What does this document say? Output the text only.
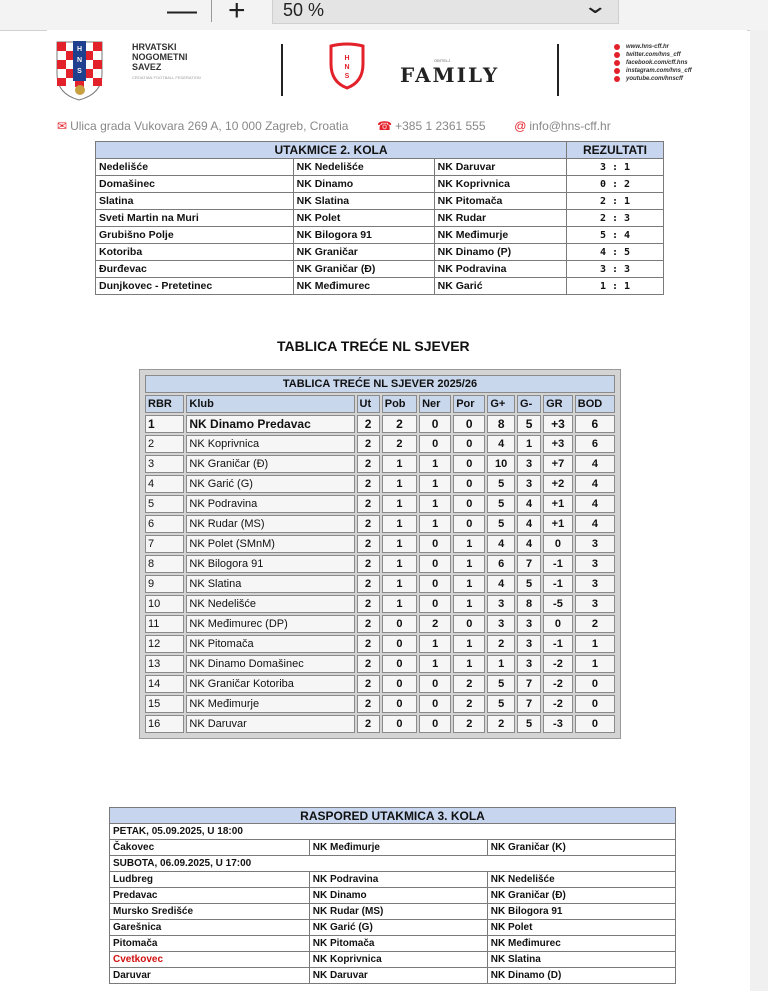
— + 50 %	⌄
H
N
S
HRVATSKI
NOGOMETNI
SAVEZ
CROATIAN FOOTBALL FEDERATION
H
N
S
OBITELJ
FAMILY
www.hns-cff.hr
twitter.com/hns_cff
facebook.com/cff.hns
instagram.com/hns_cff
youtube.com/hnscff
✉ Ulica grada Vukovara 269 A, 10 000 Zagreb, Croatia ☎ +385 1 2361 555 @ info@hns-cff.hr
UTAKMICE 2. KOLA			REZULTATI
Nedelišće	NK Nedelišće	NK Daruvar	3 : 1
Domašinec	NK Dinamo	NK Koprivnica	0 : 2
Slatina	NK Slatina	NK Pitomača	2 : 1
Sveti Martin na Muri	NK Polet	NK Rudar	2 : 3
Grubišno Polje	NK Bilogora 91	NK Međimurje	5 : 4
Kotoriba	NK Graničar	NK Dinamo (P)	4 : 5
Đurđevac	NK Graničar (Đ)	NK Podravina	3 : 3
Dunjkovec - Pretetinec	NK Međimurec	NK Garić	1 : 1
TABLICA TREĆE NL SJEVER
TABLICA TREĆE NL SJEVER 2025/26									
RBR	Klub	Ut	Pob	Ner	Por	G+	G-	GR	BOD
1	NK Dinamo Predavac	2	2	0	0	8	5	+3	6
2	NK Koprivnica	2	2	0	0	4	1	+3	6
3	NK Graničar (Đ)	2	1	1	0	10	3	+7	4
4	NK Garić (G)	2	1	1	0	5	3	+2	4
5	NK Podravina	2	1	1	0	5	4	+1	4
6	NK Rudar (MS)	2	1	1	0	5	4	+1	4
7	NK Polet (SMnM)	2	1	0	1	4	4	0	3
8	NK Bilogora 91	2	1	0	1	6	7	-1	3
9	NK Slatina	2	1	0	1	4	5	-1	3
10	NK Nedelišće	2	1	0	1	3	8	-5	3
11	NK Međimurec (DP)	2	0	2	0	3	3	0	2
12	NK Pitomača	2	0	1	1	2	3	-1	1
13	NK Dinamo Domašinec	2	0	1	1	1	3	-2	1
14	NK Graničar Kotoriba	2	0	0	2	5	7	-2	0
15	NK Međimurje	2	0	0	2	5	7	-2	0
16	NK Daruvar	2	0	0	2	2	5	-3	0
RASPORED UTAKMICA 3. KOLA		
PETAK, 05.09.2025, U 18:00		
Čakovec	NK Međimurje	NK Graničar (K)
SUBOTA, 06.09.2025, U 17:00		
Ludbreg	NK Podravina	NK Nedelišće
Predavac	NK Dinamo	NK Graničar (Đ)
Mursko Središće	NK Rudar (MS)	NK Bilogora 91
Garešnica	NK Garić (G)	NK Polet
Pitomača	NK Pitomača	NK Međimurec
Cvetkovec	NK Koprivnica	NK Slatina
Daruvar	NK Daruvar	NK Dinamo (D)
